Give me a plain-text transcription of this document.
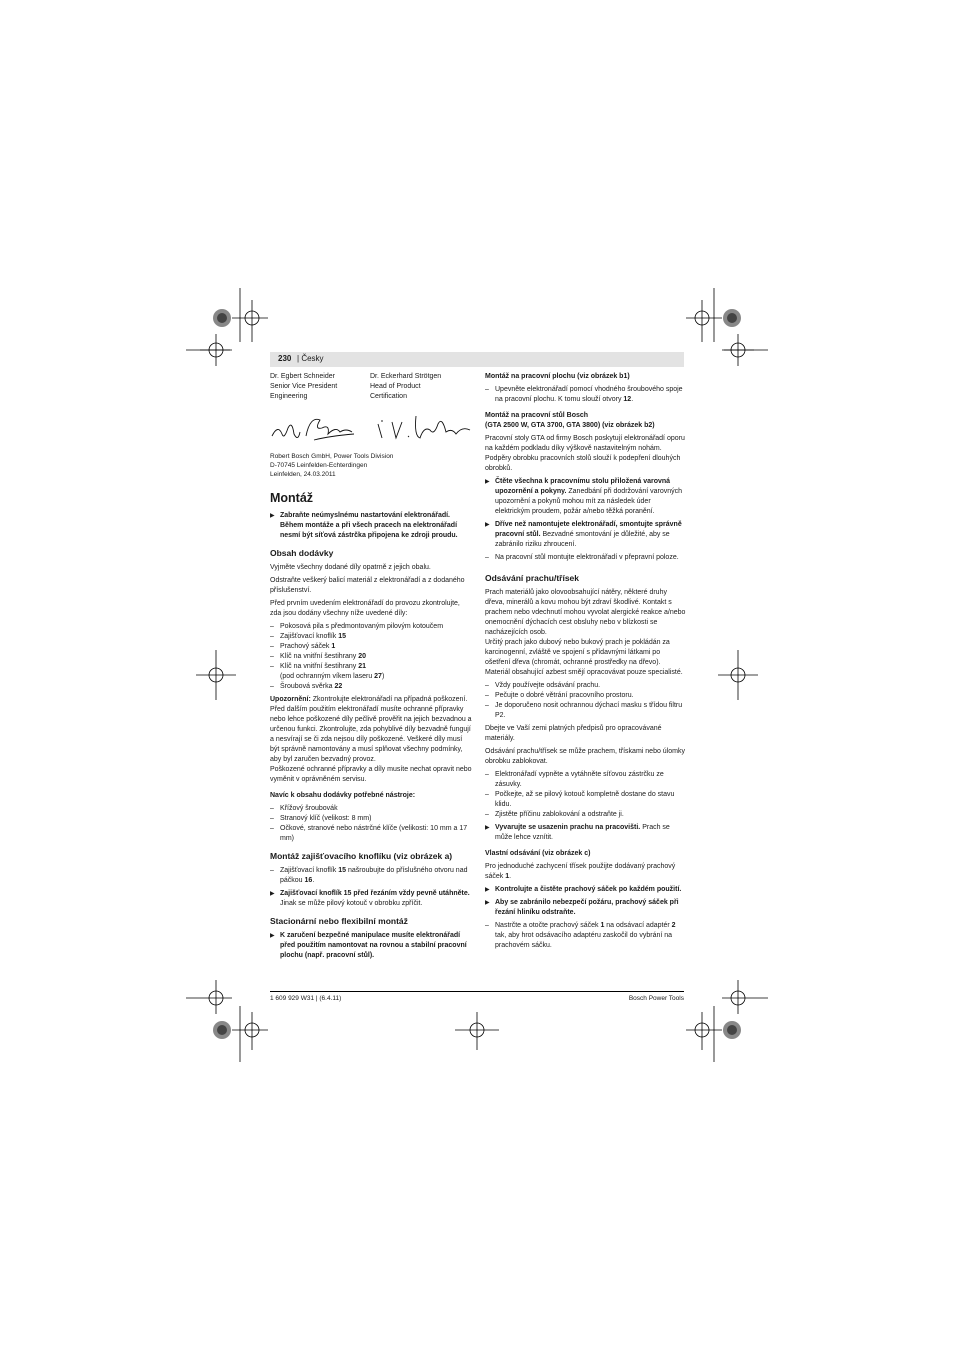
230 | Česky
Dr. Egbert Schneider
Senior Vice President
Engineering
Dr. Eckerhard Strötgen
Head of Product
Certification
Robert Bosch GmbH, Power Tools Division
D-70745 Leinfelden-Echterdingen
Leinfelden, 24.03.2011
Montáž
▶ Zabraňte neúmyslnému nastartování elektronářadí. Během montáže a při všech pracech na elektronářadí nesmí být síťová zástrčka připojena ke zdroji proudu.
Obsah dodávky

Vyjměte všechny dodané díly opatrně z jejich obalu.

Odstraňte veškerý balicí materiál z elektronářadí a z dodaného příslušenství.

Před prvním uvedením elektronářadí do provozu zkontrolujte, zda jsou dodány všechny níže uvedené díly:

– Pokosová pila s předmontovaným pilovým kotoučem
– Zajišťovací knoflík 15
– Prachový sáček 1
– Klíč na vnitřní šestihrany 20
– Klíč na vnitřní šestihrany 21
(pod ochranným víkem laseru 27)
– Šroubová svěrka 22

Upozornění: Zkontrolujte elektronářadí na případná poškození.

Před dalším použitím elektronářadí musíte ochranné přípravky nebo lehce poškozené díly pečlivě prověřit na jejich bezvadnou a určenou funkci. Zkontrolujte, zda pohyblivé díly bezvadně fungují a nesvírají se či zda nejsou díly poškozené. Veškeré díly musí být správně namontovány a musí splňovat všechny podmínky, aby byl zaručen bezvadný provoz.

Poškozené ochranné přípravky a díly musíte nechat opravit nebo vyměnit v oprávněném servisu.

Navíc k obsahu dodávky potřebné nástroje:
– Křížový šroubovák
– Stranový klíč (velikost: 8 mm)
– Očkové, stranové nebo nástrčné klíče (velikosti: 10 mm a 17 mm)
Montáž zajišťovacího knoflíku (viz obrázek a)
– Zajišťovací knoflík 15 našroubujte do příslušného otvoru nad páčkou 16.
▶ Zajišťovací knoflík 15 před řezáním vždy pevně utáhněte. Jinak se může pilový kotouč v obrobku zpříčit.
Stacionární nebo flexibilní montáž
▶ K zaručení bezpečné manipulace musíte elektronářadí před použitím namontovat na rovnou a stabilní pracovní plochu (např. pracovní stůl).
Montáž na pracovní plochu (viz obrázek b1)
– Upevněte elektronářadí pomocí vhodného šroubového spoje na pracovní plochu. K tomu slouží otvory 12.
Montáž na pracovní stůl Bosch
(GTA 2500 W, GTA 3700, GTA 3800) (viz obrázek b2)

Pracovní stoly GTA od firmy Bosch poskytují elektronářadí oporu na každém podkladu díky výškově nastavitelným nohám. Podpěry obrobku pracovních stolů slouží k podepření dlouhých obrobků.

▶ Čtěte všechna k pracovnímu stolu přiložená varovná upozornění a pokyny. Zanedbání při dodržování varovných upozornění a pokynů mohou mít za následek úder elektrickým proudem, požár a/nebo těžká poranění.
▶ Dříve než namontujete elektronářadí, smontujte správně pracovní stůl. Bezvadné smontování je důležité, aby se zabránilo riziku zhroucení.
– Na pracovní stůl montujte elektronářadí v přepravní poloze.
Odsávání prachu/třísek

Prach materiálů jako olovoobsahující nátěry, některé druhy dřeva, minerálů a kovu mohou být zdraví škodlivé. Kontakt s prachem nebo vdechnutí mohou vyvolat alergické reakce a/nebo onemocnění dýchacích cest obsluhy nebo v blízkosti se nacházejících osob.

Určitý prach jako dubový nebo bukový prach je pokládán za karcinogenní, zvláště ve spojení s přídavnými látkami po ošetření dřeva (chromát, ochranné prostředky na dřevo). Materiál obsahující azbest smějí opracovávat pouze specialisté.

– Vždy používejte odsávání prachu.
– Pečujte o dobré větrání pracovního prostoru.
– Je doporučeno nosit ochrannou dýchací masku s třídou filtru P2.

Dbejte ve Vaší zemi platných předpisů pro opracovávané materiály.

Odsávání prachu/třísek se může prachem, třískami nebo úlomky obrobku zablokovat.

– Elektronářadí vypněte a vytáhněte síťovou zástrčku ze zásuvky.
– Počkejte, až se pilový kotouč kompletně dostane do stavu klidu.
– Zjistěte příčinu zablokování a odstraňte ji.
▶ Vyvarujte se usazenin prachu na pracovišti. Prach se může lehce vznítit.
Vlastní odsávání (viz obrázek c)

Pro jednoduché zachycení třísek použijte dodávaný prachový sáček 1.

▶ Kontrolujte a čistěte prachový sáček po každém použití.
▶ Aby se zabránilo nebezpečí požáru, prachový sáček při řezání hliníku odstraňte.
– Nastrčte a otočte prachový sáček 1 na odsávací adaptér 2 tak, aby hrot odsávacího adaptéru zaskočil do vybrání na prachovém sáčku.
1 609 929 W31 | (6.4.11)	Bosch Power Tools
